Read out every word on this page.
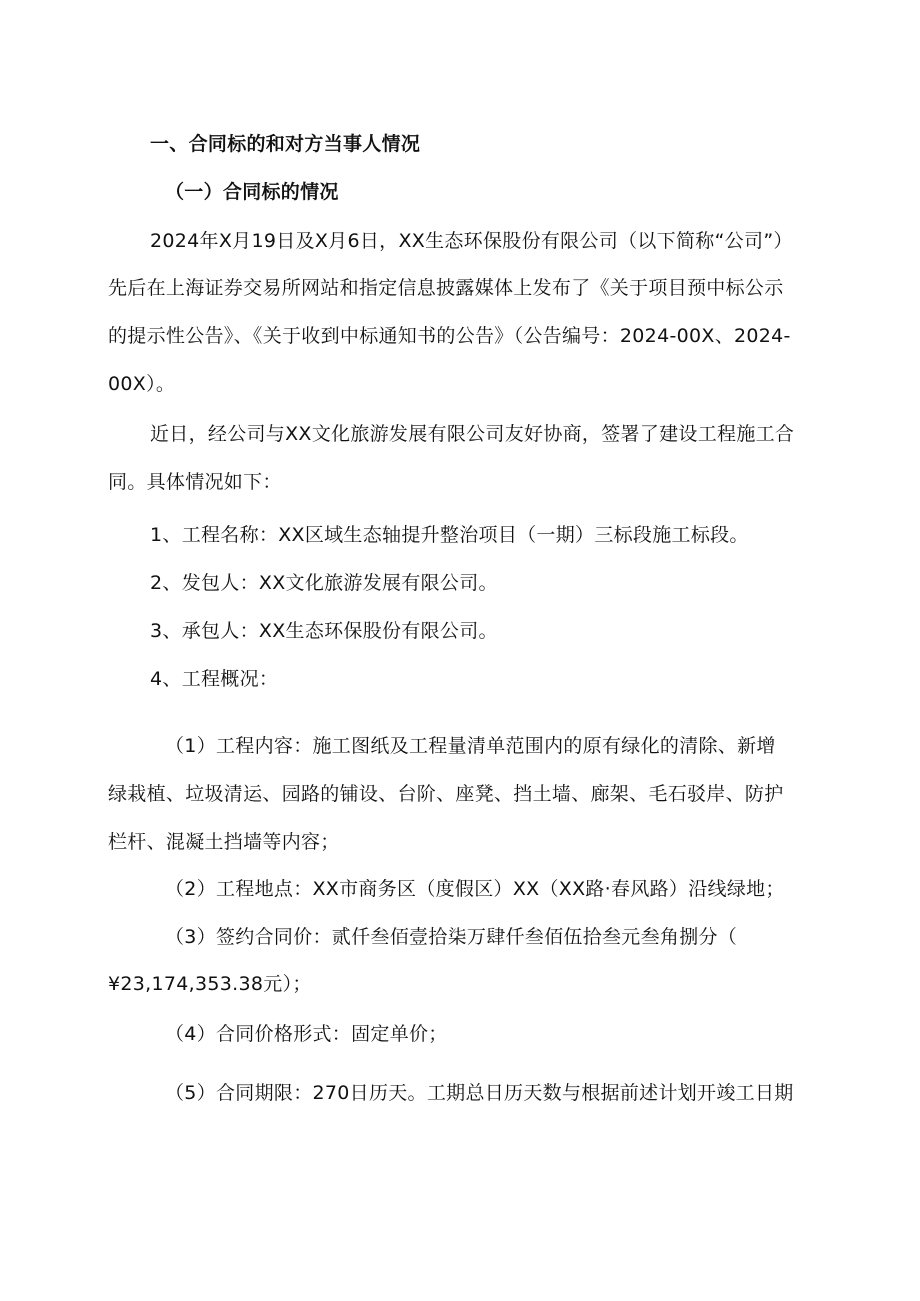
一、合同标的和对方当事人情况
（一）合同标的情况
2024年X月19日及X月6日，XX生态环保股份有限公司（以下简称“公司”）
先后在上海证券交易所网站和指定信息披露媒体上发布了《关于项目预中标公示
的提示性公告》、《关于收到中标通知书的公告》（公告编号：2024-00X、2024-
00X）。
近日，经公司与XX文化旅游发展有限公司友好协商，签署了建设工程施工合
同。具体情况如下：
1、工程名称：XX区域生态轴提升整治项目（一期）三标段施工标段。
2、发包人：XX文化旅游发展有限公司。
3、承包人：XX生态环保股份有限公司。
4、工程概况：
（1）工程内容：施工图纸及工程量清单范围内的原有绿化的清除、新增
绿栽植、垃圾清运、园路的铺设、台阶、座凳、挡土墙、廊架、毛石驳岸、防护
栏杆、混凝土挡墙等内容；
（2）工程地点：XX市商务区（度假区）XX（XX路·春风路）沿线绿地；
（3）签约合同价：贰仟叁佰壹拾柒万肆仟叁佰伍拾叁元叁角捌分（
¥23,174,353.38元）；
（4）合同价格形式：固定单价；
（5）合同期限：270日历天。工期总日历天数与根据前述计划开竣工日期
